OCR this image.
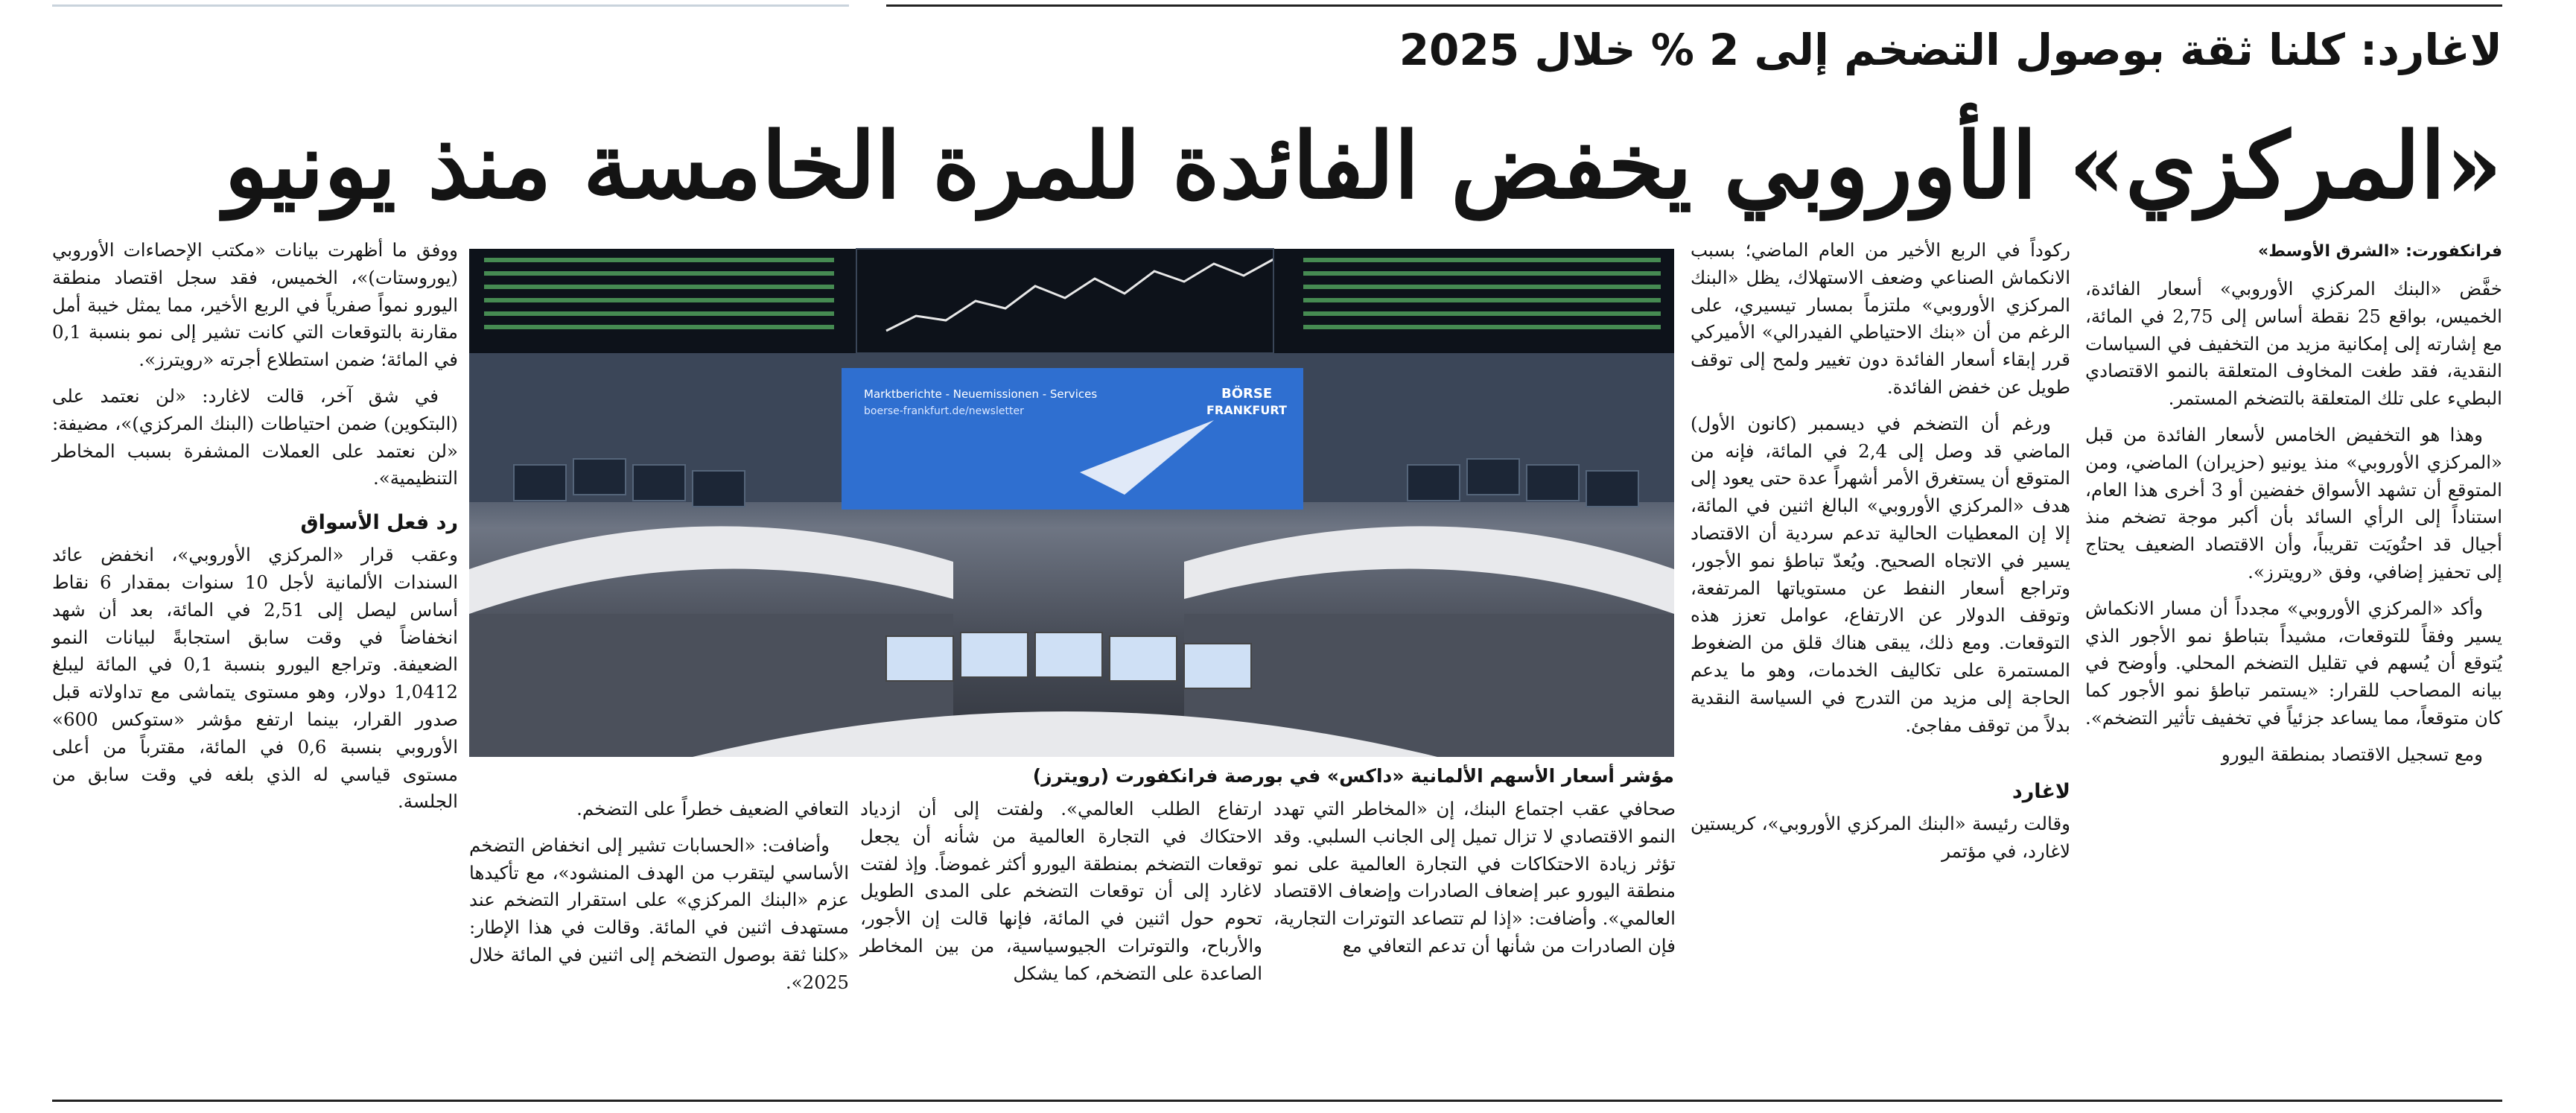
لاغارد: كلنا ثقة بوصول التضخم إلى 2 % خلال 2025
«المركزي» الأوروبي يخفض الفائدة للمرة الخامسة منذ يونيو

فرانكفورت: «الشرق الأوسط»

خفَّض «البنك المركزي الأوروبي» أسعار الفائدة، الخميس، بواقع 25 نقطة أساس إلى 2,75 في المائة، مع إشارته إلى إمكانية مزيد من التخفيف في السياسات النقدية، فقد طغت المخاوف المتعلقة بالنمو الاقتصادي البطيء على تلك المتعلقة بالتضخم المستمر.

وهذا هو التخفيض الخامس لأسعار الفائدة من قبل «المركزي الأوروبي» منذ يونيو (حزيران) الماضي، ومن المتوقع أن تشهد الأسواق خفضين أو 3 أخرى هذا العام، استناداً إلى الرأي السائد بأن أكبر موجة تضخم منذ أجيال قد احتُويَت تقريباً، وأن الاقتصاد الضعيف يحتاج إلى تحفيز إضافي، وفق «رويترز».

وأكد «المركزي الأوروبي» مجدداً أن مسار الانكماش يسير وفقاً للتوقعات، مشيداً بتباطؤ نمو الأجور الذي يُتوقع أن يُسهم في تقليل التضخم المحلي. وأوضح في بيانه المصاحب للقرار: «يستمر تباطؤ نمو الأجور كما كان متوقعاً، مما يساعد جزئياً في تخفيف تأثير التضخم».

ومع تسجيل الاقتصاد بمنطقة اليورو

ركوداً في الربع الأخير من العام الماضي؛ بسبب الانكماش الصناعي وضعف الاستهلاك، يظل «البنك المركزي الأوروبي» ملتزماً بمسار تيسيري، على الرغم من أن «بنك الاحتياطي الفيدرالي» الأميركي قرر إبقاء أسعار الفائدة دون تغيير ولمح إلى توقف طويل عن خفض الفائدة.

ورغم أن التضخم في ديسمبر (كانون الأول) الماضي قد وصل إلى 2,4 في المائة، فإنه من المتوقع أن يستغرق الأمر أشهراً عدة حتى يعود إلى هدف «المركزي الأوروبي» البالغ اثنين في المائة، إلا إن المعطيات الحالية تدعم سردية أن الاقتصاد يسير في الاتجاه الصحيح. ويُعدّ تباطؤ نمو الأجور، وتراجع أسعار النفط عن مستوياتها المرتفعة، وتوقف الدولار عن الارتفاع، عوامل تعزز هذه التوقعات. ومع ذلك، يبقى هناك قلق من الضغوط المستمرة على تكاليف الخدمات، وهو ما يدعم الحاجة إلى مزيد من التدرج في السياسة النقدية بدلاً من توقف مفاجئ.

لاغارد

وقالت رئيسة «البنك المركزي الأوروبي»، كريستين لاغارد، في مؤتمر

صحافي عقب اجتماع البنك، إن «المخاطر التي تهدد النمو الاقتصادي لا تزال تميل إلى الجانب السلبي. وقد تؤثر زيادة الاحتكاكات في التجارة العالمية على نمو منطقة اليورو عبر إضعاف الصادرات وإضعاف الاقتصاد العالمي». وأضافت: «إذا لم تتصاعد التوترات التجارية، فإن الصادرات من شأنها أن تدعم التعافي مع

ارتفاع الطلب العالمي». ولفتت إلى أن ازدياد الاحتكاك في التجارة العالمية من شأنه أن يجعل توقعات التضخم بمنطقة اليورو أكثر غموضاً. وإذ لفتت لاغارد إلى أن توقعات التضخم على المدى الطويل تحوم حول اثنين في المائة، فإنها قالت إن الأجور، والأرباح، والتوترات الجيوسياسية، من بين المخاطر الصاعدة على التضخم، كما يشكل

التعافي الضعيف خطراً على التضخم.

وأضافت: «الحسابات تشير إلى انخفاض التضخم الأساسي ليتقرب من الهدف المنشود»، مع تأكيدها عزم «البنك المركزي» على استقرار التضخم عند مستهدف اثنين في المائة. وقالت في هذا الإطار: «كلنا ثقة بوصول التضخم إلى اثنين في المائة خلال 2025».

ووفق ما أظهرت بيانات «مكتب الإحصاءات الأوروبي (يوروستات)»، الخميس، فقد سجل اقتصاد منطقة اليورو نمواً صفرياً في الربع الأخير، مما يمثل خيبة أمل مقارنة بالتوقعات التي كانت تشير إلى نمو بنسبة 0,1 في المائة؛ ضمن استطلاع أجرته «رويترز».

في شق آخر، قالت لاغارد: «لن نعتمد على (البتكوين) ضمن احتياطات (البنك المركزي)»، مضيفة: «لن نعتمد على العملات المشفرة بسبب المخاطر التنظيمية».

رد فعل الأسواق

وعقب قرار «المركزي الأوروبي»، انخفض عائد السندات الألمانية لأجل 10 سنوات بمقدار 6 نقاط أساس ليصل إلى 2,51 في المائة، بعد أن شهد انخفاضاً في وقت سابق استجابةً لبيانات النمو الضعيفة. وتراجع اليورو بنسبة 0,1 في المائة ليبلغ 1,0412 دولار، وهو مستوى يتماشى مع تداولاته قبل صدور القرار، بينما ارتفع مؤشر «ستوكس 600» الأوروبي بنسبة 0,6 في المائة، مقترباً من أعلى مستوى قياسي له الذي بلغه في وقت سابق من الجلسة.

Marktberichte - Neuemissionen - Services
boerse-frankfurt.de/newsletter
BÖRSE
FRANKFURT
مؤشر أسعار الأسهم الألمانية «داكس» في بورصة فرانكفورت (رويترز)
